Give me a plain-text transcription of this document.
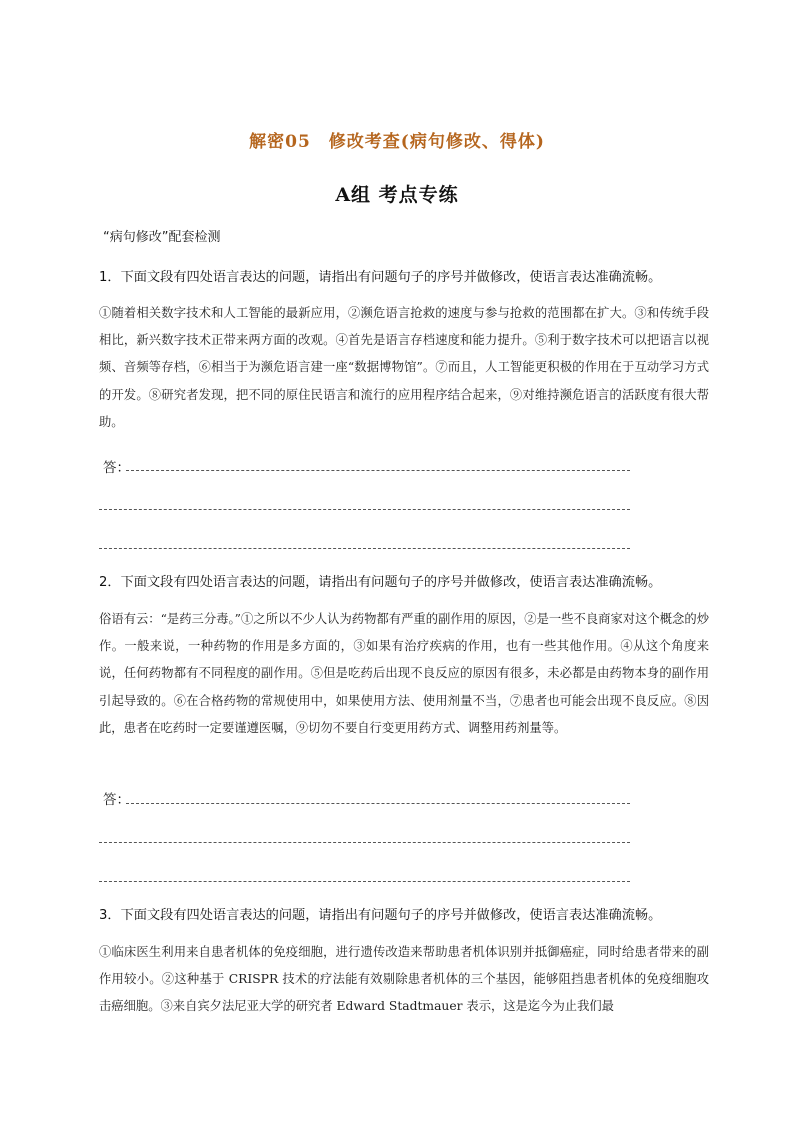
解密05　修改考查(病句修改、得体)
A组 考点专练
“病句修改”配套检测
1．下面文段有四处语言表达的问题，请指出有问题句子的序号并做修改，使语言表达准确流畅。
①随着相关数字技术和人工智能的最新应用，②濒危语言抢救的速度与参与抢救的范围都在扩大。③和传统手段相比，新兴数字技术正带来两方面的改观。④首先是语言存档速度和能力提升。⑤利于数字技术可以把语言以视频、音频等存档，⑥相当于为濒危语言建一座“数据博物馆”。⑦而且，人工智能更积极的作用在于互动学习方式的开发。⑧研究者发现，把不同的原住民语言和流行的应用程序结合起来，⑨对维持濒危语言的活跃度有很大帮助。
答：
2．下面文段有四处语言表达的问题，请指出有问题句子的序号并做修改，使语言表达准确流畅。
俗语有云：“是药三分毒。”①之所以不少人认为药物都有严重的副作用的原因，②是一些不良商家对这个概念的炒作。一般来说，一种药物的作用是多方面的，③如果有治疗疾病的作用，也有一些其他作用。④从这个角度来说，任何药物都有不同程度的副作用。⑤但是吃药后出现不良反应的原因有很多，未必都是由药物本身的副作用引起导致的。⑥在合格药物的常规使用中，如果使用方法、使用剂量不当，⑦患者也可能会出现不良反应。⑧因此，患者在吃药时一定要谨遵医嘱，⑨切勿不要自行变更用药方式、调整用药剂量等。
答：
3．下面文段有四处语言表达的问题，请指出有问题句子的序号并做修改，使语言表达准确流畅。
①临床医生利用来自患者机体的免疫细胞，进行遗传改造来帮助患者机体识别并抵御癌症，同时给患者带来的副作用较小。②这种基于 CRISPR 技术的疗法能有效剔除患者机体的三个基因，能够阻挡患者机体的免疫细胞攻击癌细胞。③来自宾夕法尼亚大学的研究者 Edward Stadtmauer 表示，这是迄今为止我们最
